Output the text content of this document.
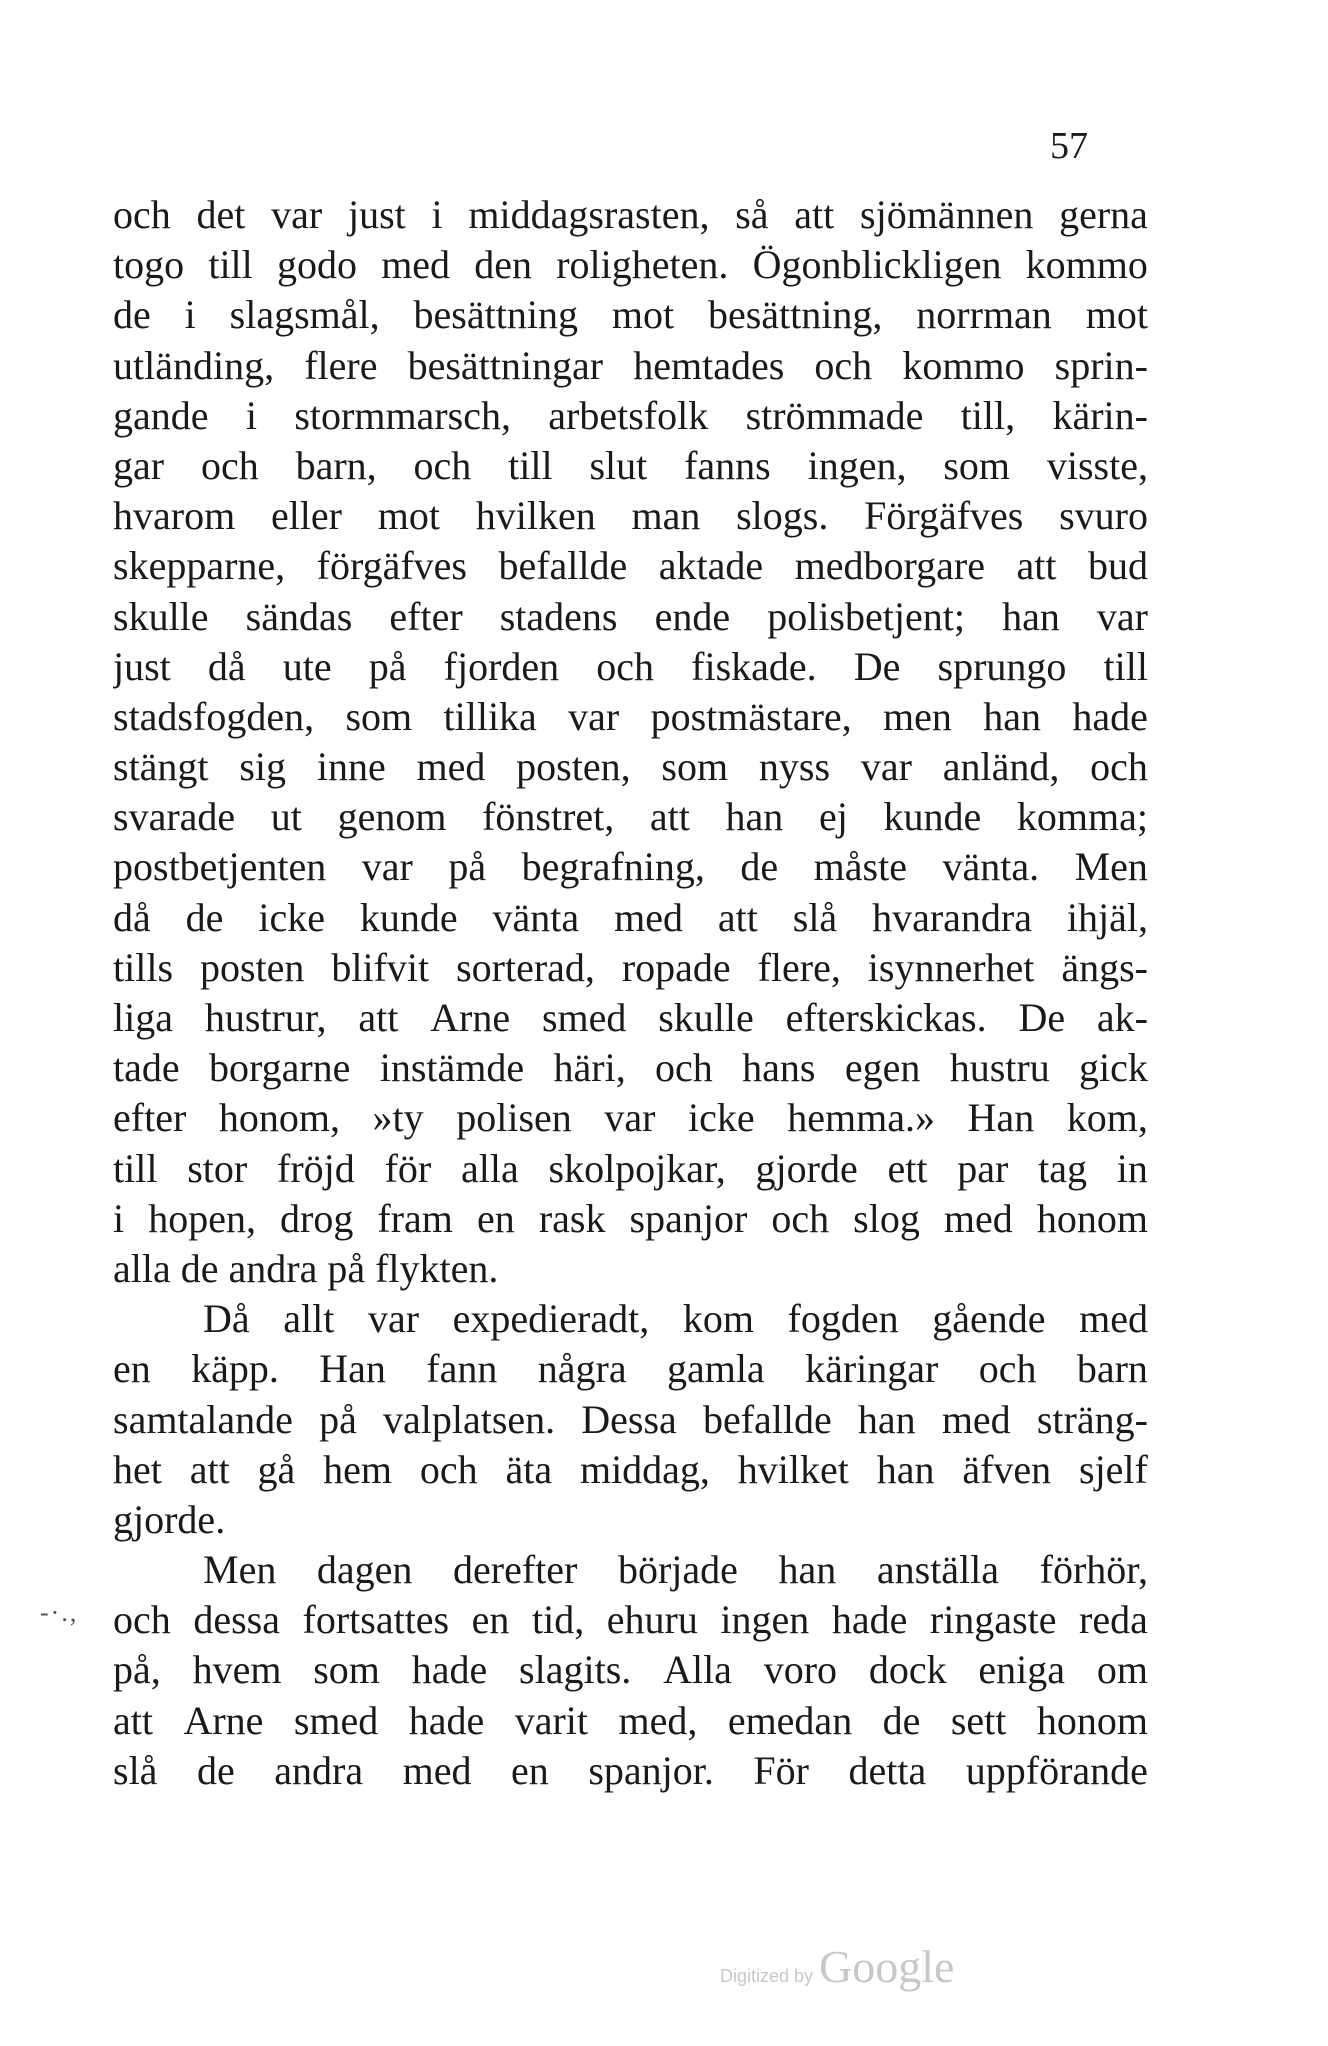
57
och det var just i middagsrasten, så att sjömännen gerna
togo till godo med den roligheten. Ögonblickligen kommo
de i slagsmål, besättning mot besättning, norrman mot
utländing, flere besättningar hemtades och kommo sprin-
gande i stormmarsch, arbetsfolk strömmade till, kärin-
gar och barn, och till slut fanns ingen, som visste,
hvarom eller mot hvilken man slogs. Förgäfves svuro
skepparne, förgäfves befallde aktade medborgare att bud
skulle sändas efter stadens ende polisbetjent; han var
just då ute på fjorden och fiskade. De sprungo till
stadsfogden, som tillika var postmästare, men han hade
stängt sig inne med posten, som nyss var anländ, och
svarade ut genom fönstret, att han ej kunde komma;
postbetjenten var på begrafning, de måste vänta. Men
då de icke kunde vänta med att slå hvarandra ihjäl,
tills posten blifvit sorterad, ropade flere, isynnerhet ängs-
liga hustrur, att Arne smed skulle efterskickas. De ak-
tade borgarne instämde häri, och hans egen hustru gick
efter honom, »ty polisen var icke hemma.» Han kom,
till stor fröjd för alla skolpojkar, gjorde ett par tag in
i hopen, drog fram en rask spanjor och slog med honom
alla de andra på flykten.
Då allt var expedieradt, kom fogden gående med
en käpp. Han fann några gamla käringar och barn
samtalande på valplatsen. Dessa befallde han med sträng-
het att gå hem och äta middag, hvilket han äfven sjelf
gjorde.
Men dagen derefter började han anställa förhör,
och dessa fortsattes en tid, ehuru ingen hade ringaste reda
på, hvem som hade slagits. Alla voro dock eniga om
att Arne smed hade varit med, emedan de sett honom
slå de andra med en spanjor. För detta uppförande
-·.,
Digitized by Google
